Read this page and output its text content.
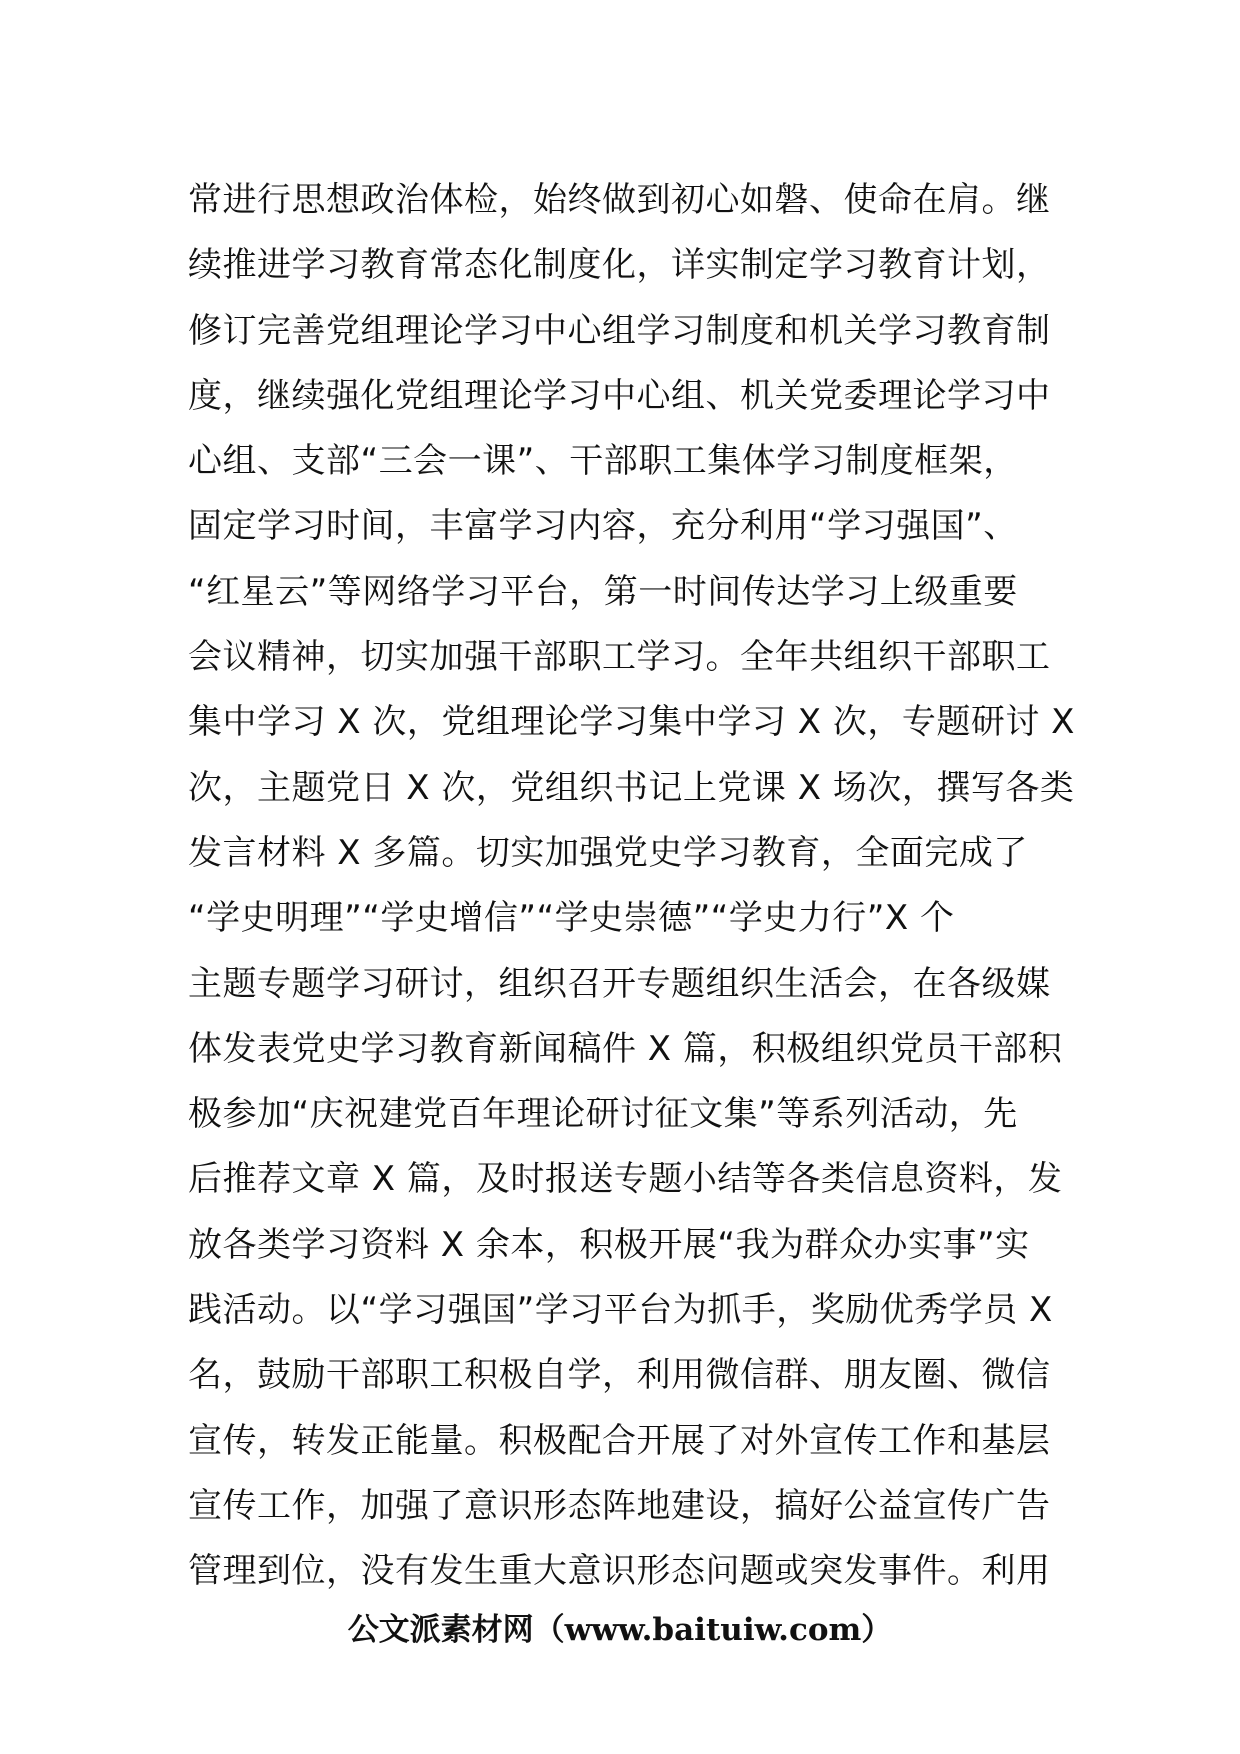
常进行思想政治体检，始终做到初心如磐、使命在肩。继
续推进学习教育常态化制度化，详实制定学习教育计划，
修订完善党组理论学习中心组学习制度和机关学习教育制
度，继续强化党组理论学习中心组、机关党委理论学习中
心组、支部“三会一课”、干部职工集体学习制度框架，
固定学习时间，丰富学习内容，充分利用“学习强国”、
“红星云”等网络学习平台，第一时间传达学习上级重要
会议精神，切实加强干部职工学习。全年共组织干部职工
集中学习 X 次，党组理论学习集中学习 X 次，专题研讨 X
次，主题党日 X 次，党组织书记上党课 X 场次，撰写各类
发言材料 X 多篇。切实加强党史学习教育，全面完成了
“学史明理”“学史增信”“学史崇德”“学史力行”X 个
主题专题学习研讨，组织召开专题组织生活会，在各级媒
体发表党史学习教育新闻稿件 X 篇，积极组织党员干部积
极参加“庆祝建党百年理论研讨征文集”等系列活动，先
后推荐文章 X 篇，及时报送专题小结等各类信息资料，发
放各类学习资料 X 余本，积极开展“我为群众办实事”实
践活动。以“学习强国”学习平台为抓手，奖励优秀学员 X
名，鼓励干部职工积极自学，利用微信群、朋友圈、微信
宣传，转发正能量。积极配合开展了对外宣传工作和基层
宣传工作，加强了意识形态阵地建设，搞好公益宣传广告
管理到位，没有发生重大意识形态问题或突发事件。利用
公文派素材网（www.baituiw.com）
